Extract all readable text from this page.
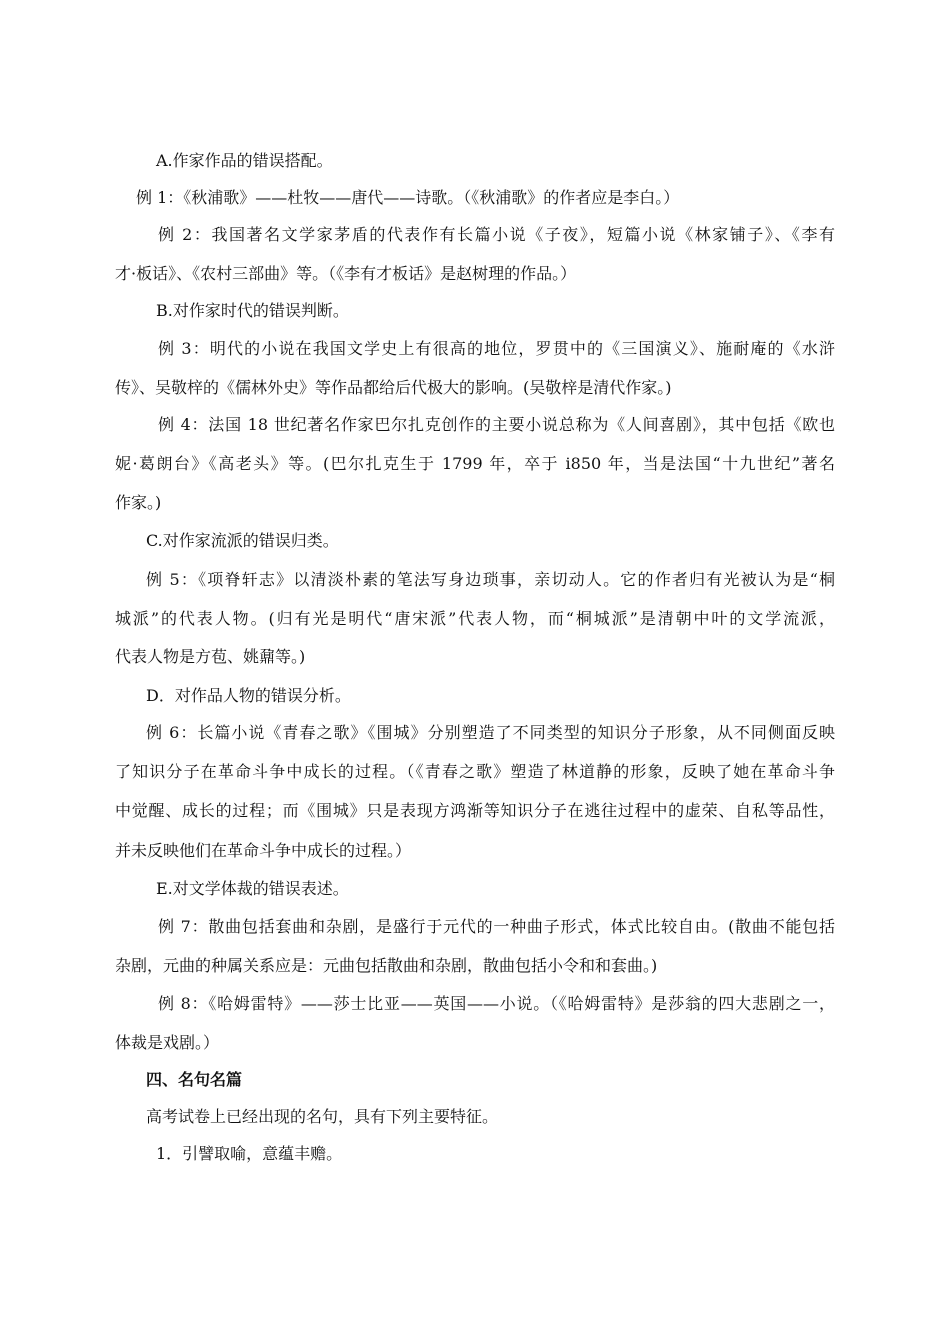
A.作家作品的错误搭配。
例 1：《秋浦歌》——杜牧——唐代——诗歌。（《秋浦歌》的作者应是李白。）
例 2：我国著名文学家茅盾的代表作有长篇小说《子夜》，短篇小说《林家铺子》、《李有
才·板话》、《农村三部曲》等。（《李有才板话》是赵树理的作品。）
B.对作家时代的错误判断。
例 3：明代的小说在我国文学史上有很高的地位，罗贯中的《三国演义》、施耐庵的《水浒
传》、吴敬梓的《儒林外史》等作品都给后代极大的影响。(吴敬梓是清代作家。)
例 4：法国 18 世纪著名作家巴尔扎克创作的主要小说总称为《人间喜剧》，其中包括《欧也
妮·葛朗台》《高老头》等。(巴尔扎克生于 1799 年，卒于 i850 年，当是法国“十九世纪”著名
作家。)
C.对作家流派的错误归类。
例 5：《项脊轩志》以清淡朴素的笔法写身边琐事，亲切动人。它的作者归有光被认为是“桐
城派”的代表人物。(归有光是明代“唐宋派”代表人物，而“桐城派”是清朝中叶的文学流派，
代表人物是方苞、姚鼐等。)
D．对作品人物的错误分析。
例 6：长篇小说《青春之歌》《围城》分别塑造了不同类型的知识分子形象，从不同侧面反映
了知识分子在革命斗争中成长的过程。（《青春之歌》塑造了林道静的形象，反映了她在革命斗争
中觉醒、成长的过程；而《围城》只是表现方鸿渐等知识分子在逃往过程中的虚荣、自私等品性，
并未反映他们在革命斗争中成长的过程。）
E.对文学体裁的错误表述。
例 7：散曲包括套曲和杂剧，是盛行于元代的一种曲子形式，体式比较自由。(散曲不能包括
杂剧，元曲的种属关系应是：元曲包括散曲和杂剧，散曲包括小令和和套曲。)
例 8：《哈姆雷特》——莎士比亚——英国——小说。（《哈姆雷特》是莎翁的四大悲剧之一，
体裁是戏剧。）
四、名句名篇
高考试卷上已经出现的名句，具有下列主要特征。
1．引譬取喻，意蕴丰赡。
